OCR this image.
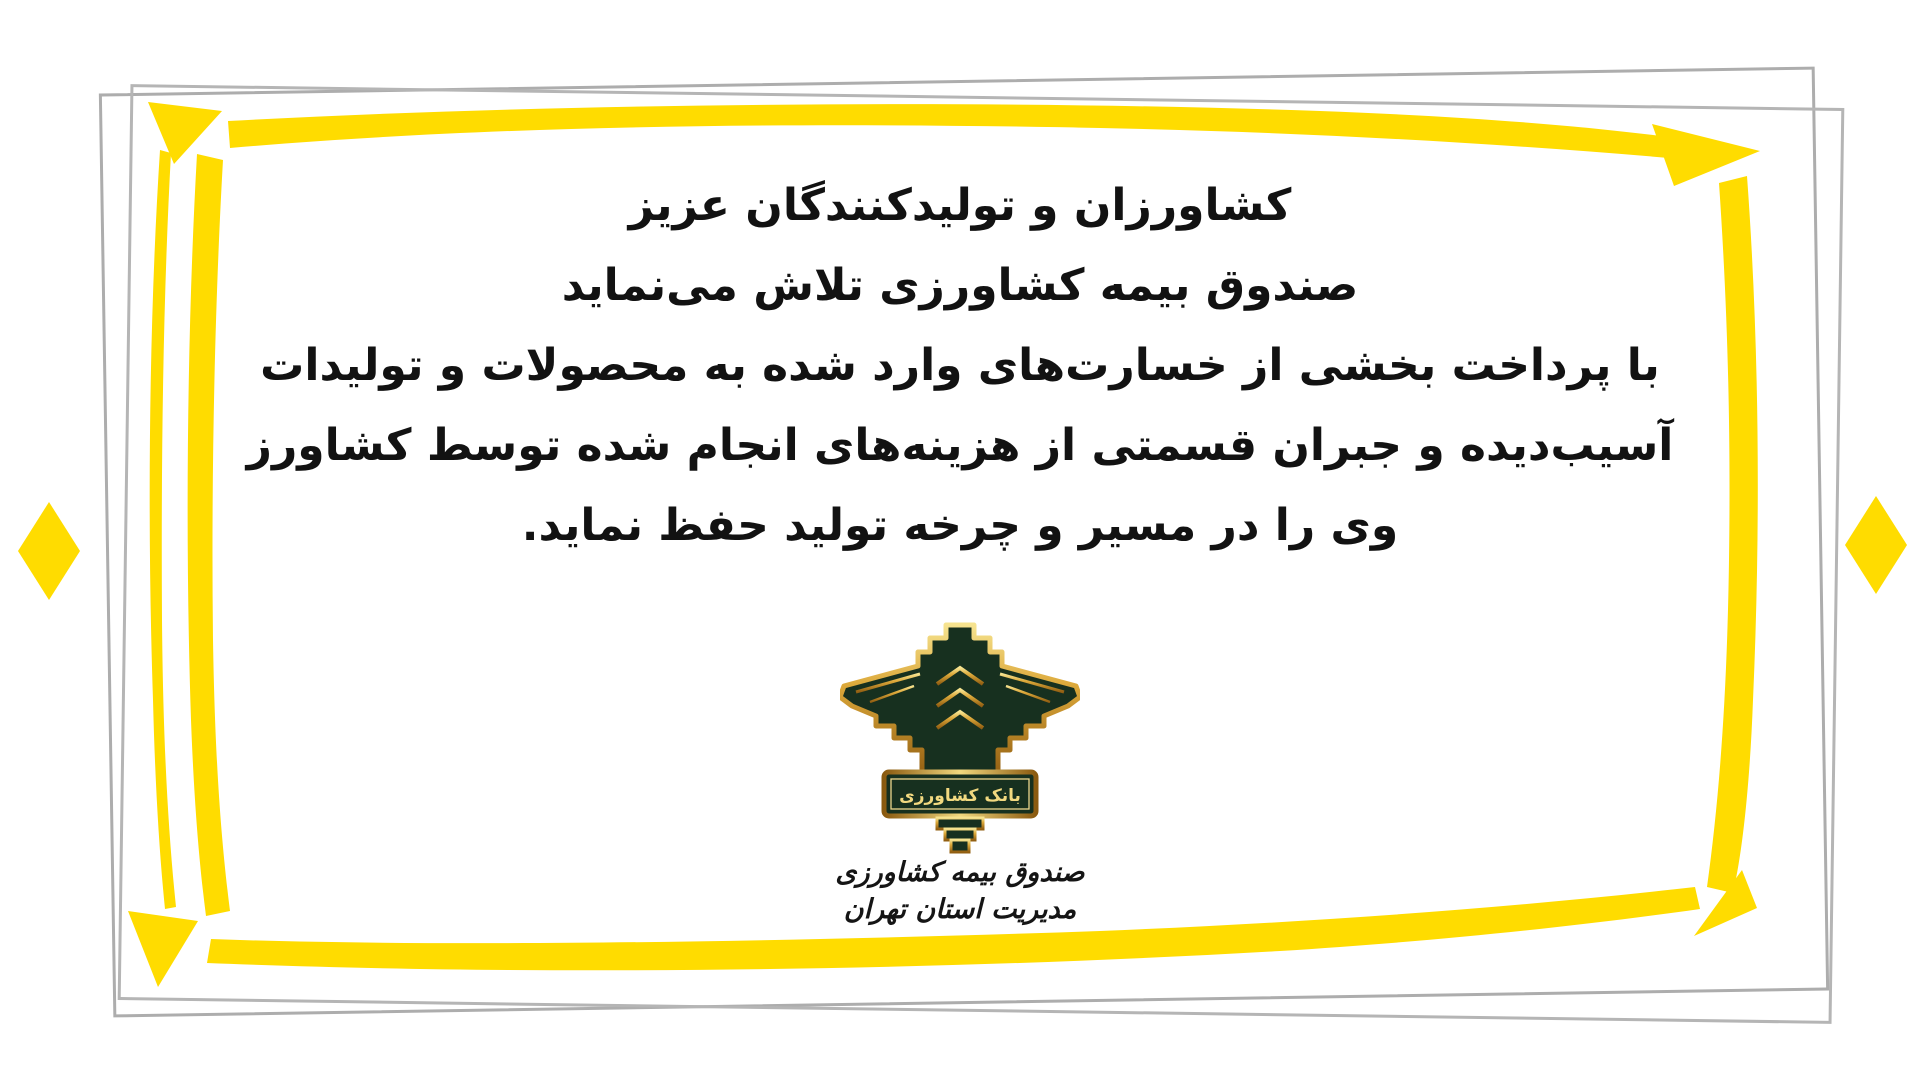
کشاورزان و تولیدکنندگان عزیز

صندوق بیمه کشاورزی تلاش می‌نماید

با پرداخت بخشی از خسارت‌های وارد شده به محصولات و تولیدات

آسیب‌دیده و جبران قسمتی از هزینه‌های انجام شده توسط کشاورز

وی را در مسیر و چرخه تولید حفظ نماید.

بانک کشاورزی
صندوق بیمه کشاورزی
مدیریت استان تهران
